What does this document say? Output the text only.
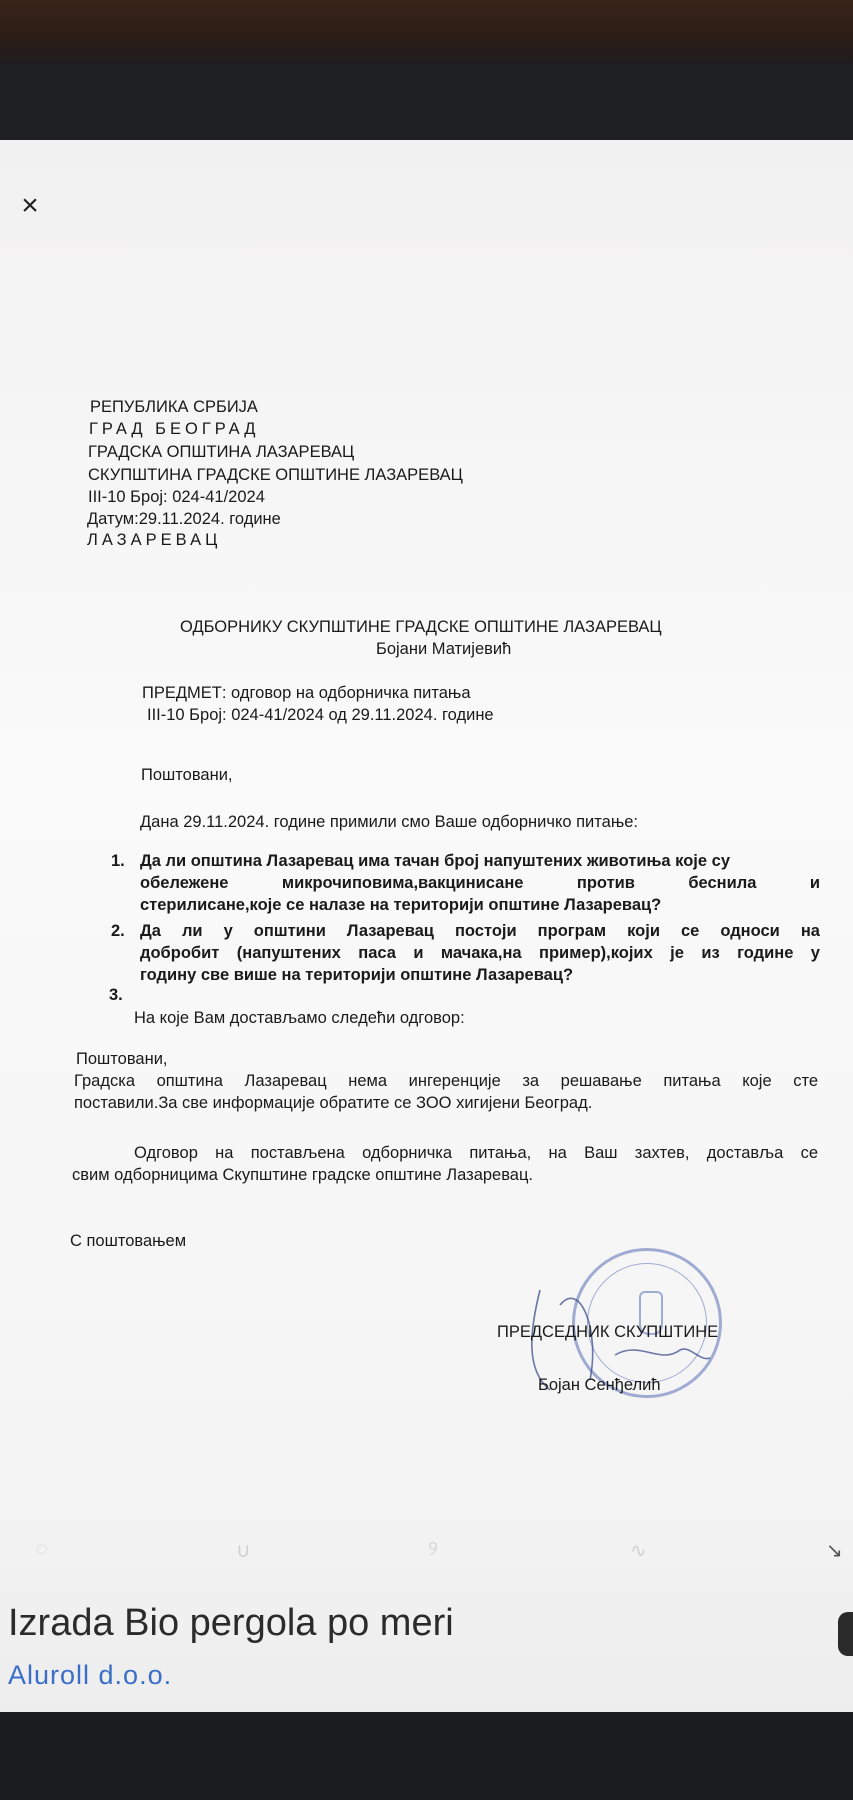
×
РЕПУБЛИКА СРБИЈА
ГРАД БЕОГРАД
ГРАДСКА ОПШТИНА ЛАЗАРЕВАЦ
СКУПШТИНА ГРАДСКЕ ОПШТИНЕ ЛАЗАРЕВАЦ
III-10 Број: 024-41/2024
Датум:29.11.2024. године
ЛАЗАРЕВАЦ
ОДБОРНИКУ СКУПШТИНЕ ГРАДСКЕ ОПШТИНЕ ЛАЗАРЕВАЦ
Бојани Матијевић
ПРЕДМЕТ: одговор на одборничка питања
III-10 Број: 024-41/2024 од 29.11.2024. године
Поштовани,
Дана 29.11.2024. године примили смо Ваше одборничко питање:
1. Да ли општина Лазаревац има тачан број напуштених животиња које су
обележене микрочиповима,вакцинисане против беснила и
стерилисане,које се налазе на територији општине Лазаревац?
2. Да ли у општини Лазаревац постоји програм који се односи на
добробит (напуштених паса и мачака,на пример),којих је из године у
годину све више на територији општине Лазаревац?
3.
На које Вам достављамо следећи одговор:
Поштовани,
Градска општина Лазаревац нема ингеренције за решавање питања које сте
поставили.За све информације обратите се ЗОО хигијени Београд.
Одговор на постављена одборничка питања, на Ваш захтев, доставља се
свим одборницима Скупштине градске општине Лазаревац.
С поштовањем
ПРЕДСЕДНИК СКУПШТИНЕ
Бојан Сенђелић
◌	∪	୨	∿	↘
Izrada Bio pergola po meri
Aluroll d.o.o.
